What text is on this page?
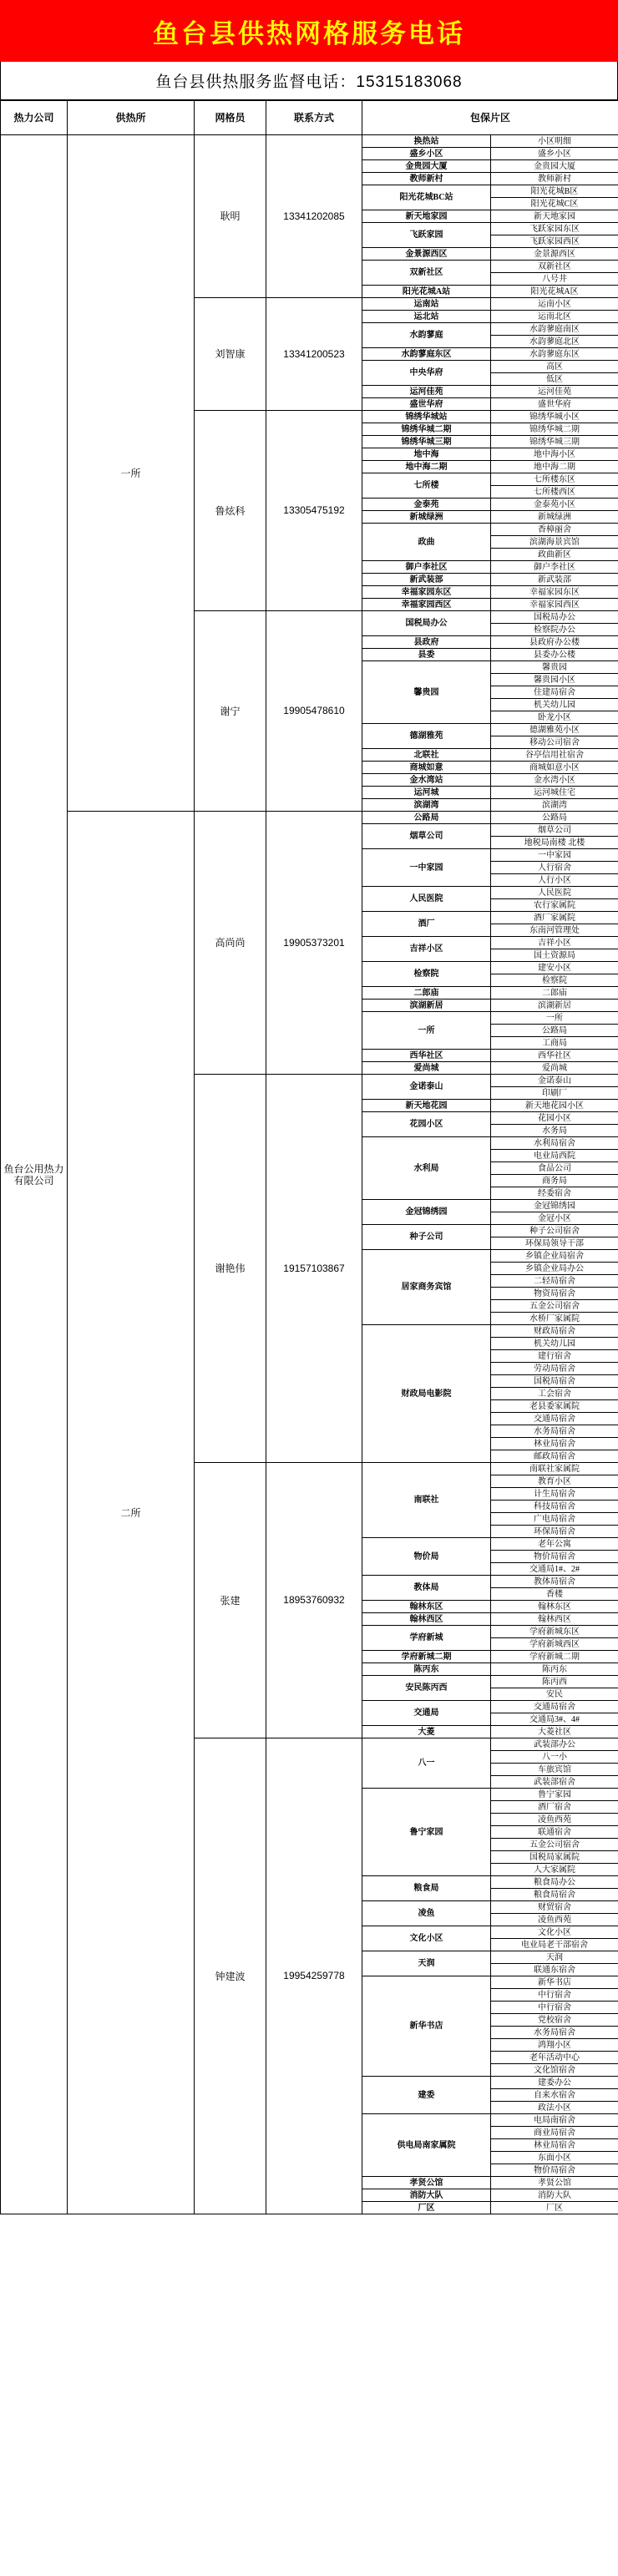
鱼台县供热网格服务电话
鱼台县供热服务监督电话：15315183068
热力公司	供热所	网格员	联系方式	包保片区	
鱼台公用热力有限公司	一所	耿明	13341202085	换热站	小区明细
				盛乡小区	盛乡小区
				金贵园大厦	金贵园大厦
				教师新村	教师新村
				阳光花城BC站	阳光花城B区
					阳光花城C区
				新天地家园	新天地家园
				飞跃家园	飞跃家园东区
					飞跃家园西区
				金景源西区	金景源西区
				双新社区	双新社区
					八号井
				阳光花城A站	阳光花城A区
		刘智康	13341200523	运南站	运南小区
				运北站	运南北区
				水韵蓼庭	水韵蓼庭南区
					水韵蓼庭北区
				水韵蓼庭东区	水韵蓼庭东区
				中央华府	高区
					低区
				运河佳苑	运河佳苑
				盛世华府	盛世华府
		鲁炫科	13305475192	锦绣华城站	锦绣华城小区
				锦绣华城二期	锦绣华城二期
				锦绣华城三期	锦绣华城三期
				地中海	地中海小区
				地中海二期	地中海二期
				七所楼	七所楼东区
					七所楼西区
				金泰苑	金泰苑小区
				新城绿洲	新城绿洲
				政曲	香樟丽舍
					滨湖海景宾馆
					政曲新区
				御户李社区	御户李社区
				新武装部	新武装部
				幸福家园东区	幸福家园东区
				幸福家园西区	幸福家园西区
		谢宁	19905478610	国税局办公	国税局办公
					检察院办公
				县政府	县政府办公楼
				县委	县委办公楼
				馨贵园	馨贵园
					馨贵园小区
					住建局宿舍
					机关幼儿园
					卧龙小区
				德湖雅苑	德湖雅苑小区
					移动公司宿舍
				北联社	谷亭信用社宿舍
				商城如意	商城如意小区
				金水湾站	金水湾小区
				运河城	运河城住宅
				滨湖湾	滨湖湾
	二所	高尚尚	19905373201	公路局	公路局
				烟草公司	烟草公司
					地税局南楼 北楼
				一中家园	一中家园
					人行宿舍
					人行小区
				人民医院	人民医院
					农行家属院
				酒厂	酒厂家属院
					东南河管理处
				吉祥小区	吉祥小区
					国土资源局
				检察院	建安小区
					检察院
				二郎庙	二郎庙
				滨湖新居	滨湖新居
				一所	一所
					公路局
					工商局
				西华社区	西华社区
				爱尚城	爱尚城
		谢艳伟	19157103867	金诺泰山	金诺泰山
					印刷厂
				新天地花园	新天地花园小区
				花园小区	花园小区
					水务局
				水利局	水利局宿舍
					电业局西院
					食品公司
					商务局
					经委宿舍
				金冠锦绣园	金冠锦绣园
					金冠小区
				种子公司	种子公司宿舍
					环保局领导干部
				居家商务宾馆	乡镇企业局宿舍
					乡镇企业局办公
					二轻局宿舍
					物资局宿舍
					五金公司宿舍
					水桥厂家属院
				财政局电影院	财政局宿舍
					机关幼儿园
					建行宿舍
					劳动局宿舍
					国税局宿舍
					工会宿舍
					老县委家属院
					交通局宿舍
					水务局宿舍
					林业局宿舍
					邮政局宿舍
		张建	18953760932	南联社	南联社家属院
					教育小区
					计生局宿舍
					科技局宿舍
					广电局宿舍
					环保局宿舍
				物价局	老年公寓
					物价局宿舍
					交通局1#、2#
				教体局	教体局宿舍
					香楼
				翰林东区	翰林东区
				翰林西区	翰林西区
				学府新城	学府新城东区
					学府新城西区
				学府新城二期	学府新城二期
				陈丙东	陈丙东
				安民陈丙西	陈丙西
					安民
				交通局	交通局宿舍
					交通局3#、4#
				大菱	大菱社区
		钟建波	19954259778	八一	武装部办公
					八一小
					车旅宾馆
					武装部宿舍
				鲁宁家园	鲁宁家园
					酒厂宿舍
					凌鱼西苑
					联通宿舍
					五金公司宿舍
					国税局家属院
					人大家属院
				粮食局	粮食局办公
					粮食局宿舍
				凌鱼	财贸宿舍
					凌鱼西苑
				文化小区	文化小区
					电业局老干部宿舍
				天润	天润
					联通东宿舍
				新华书店	新华书店
					中行宿舍
					中行宿舍
					党校宿舍
					水务局宿舍
					鸿翔小区
					老年活动中心
					文化馆宿舍
				建委	建委办公
					自来水宿舍
					政法小区
				供电局南家属院	电局南宿舍
					商业局宿舍
					林业局宿舍
					东面小区
					物价局宿舍
				孝贤公馆	孝贤公馆
				消防大队	消防大队
				厂区	厂区
